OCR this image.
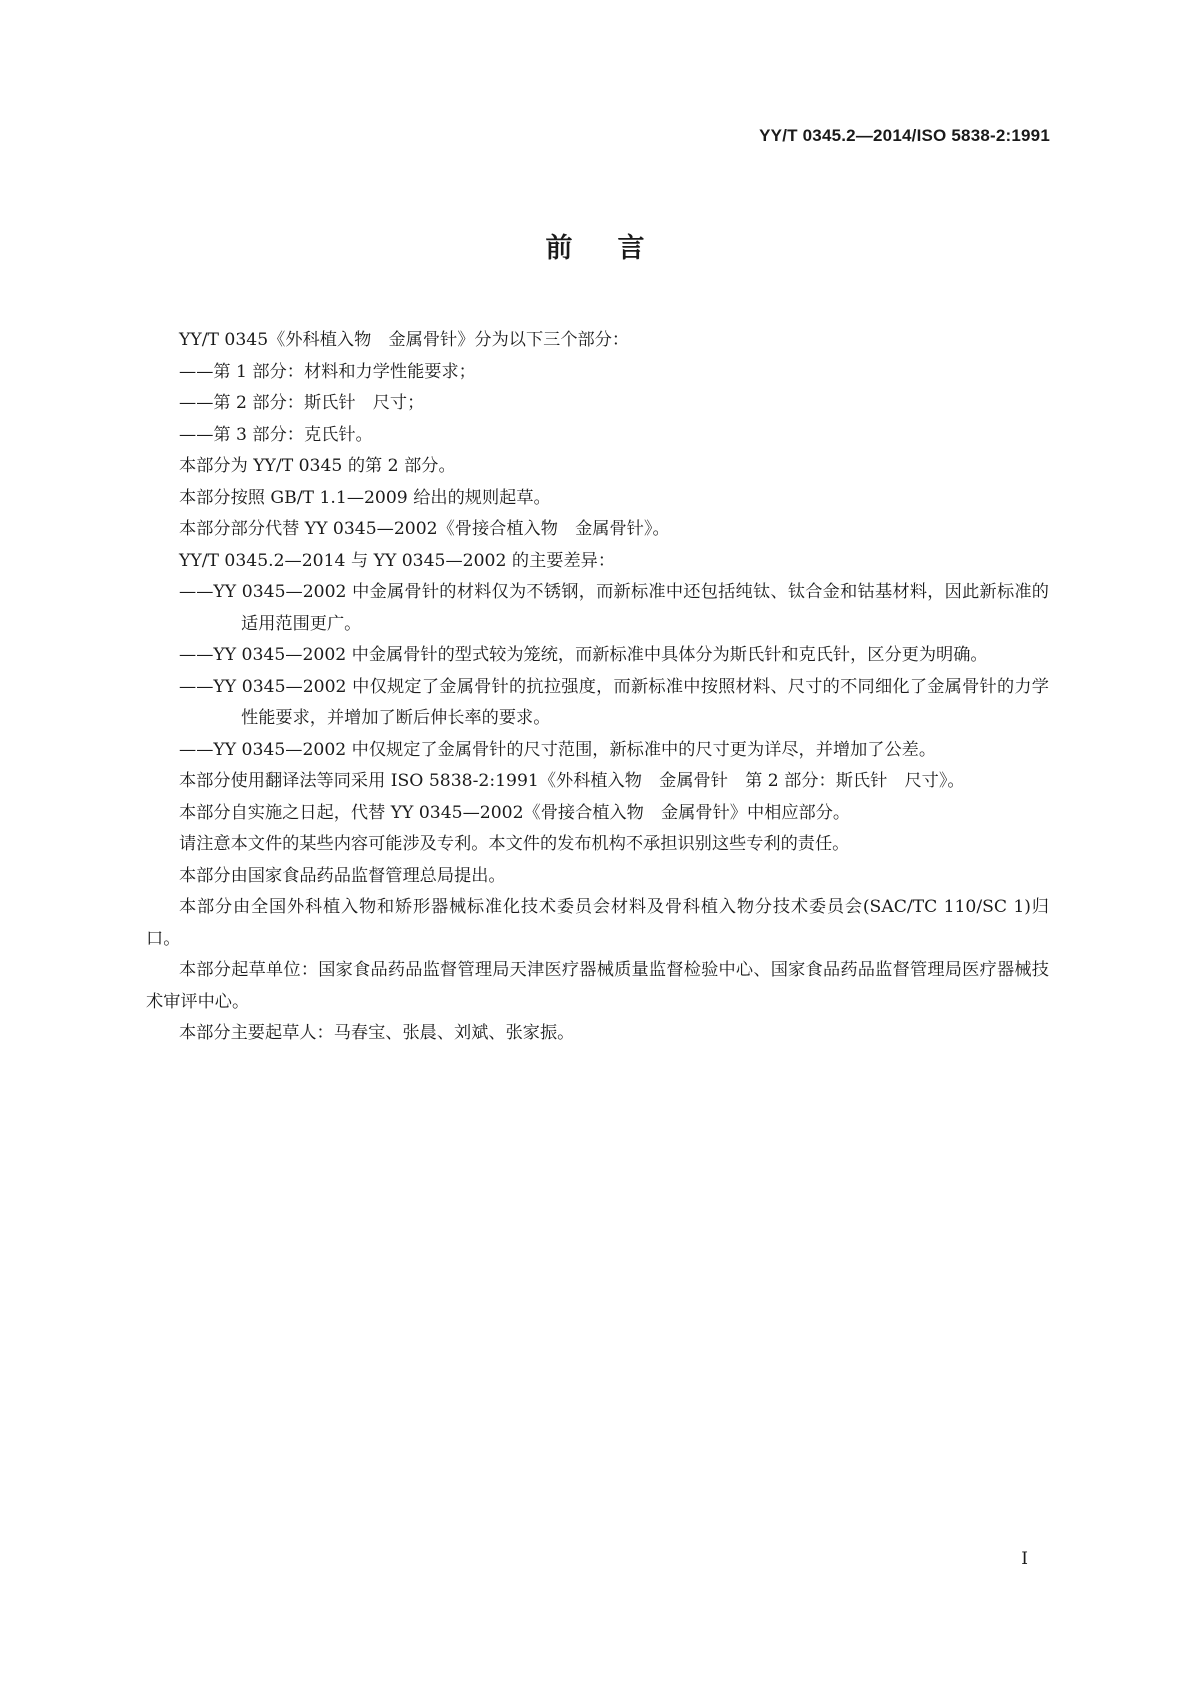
YY/T 0345.2—2014/ISO 5838-2:1991
前 言

YY/T 0345《外科植入物　金属骨针》分为以下三个部分：

——第 1 部分：材料和力学性能要求；

——第 2 部分：斯氏针　尺寸；

——第 3 部分：克氏针。

本部分为 YY/T 0345 的第 2 部分。

本部分按照 GB/T 1.1—2009 给出的规则起草。

本部分部分代替 YY 0345—2002《骨接合植入物　金属骨针》。

YY/T 0345.2—2014 与 YY 0345—2002 的主要差异：

——YY 0345—2002 中金属骨针的材料仅为不锈钢，而新标准中还包括纯钛、钛合金和钴基材料，因此新标准的适用范围更广。

——YY 0345—2002 中金属骨针的型式较为笼统，而新标准中具体分为斯氏针和克氏针，区分更为明确。

——YY 0345—2002 中仅规定了金属骨针的抗拉强度，而新标准中按照材料、尺寸的不同细化了金属骨针的力学性能要求，并增加了断后伸长率的要求。

——YY 0345—2002 中仅规定了金属骨针的尺寸范围，新标准中的尺寸更为详尽，并增加了公差。

本部分使用翻译法等同采用 ISO 5838-2:1991《外科植入物　金属骨针　第 2 部分：斯氏针　尺寸》。

本部分自实施之日起，代替 YY 0345—2002《骨接合植入物　金属骨针》中相应部分。

请注意本文件的某些内容可能涉及专利。本文件的发布机构不承担识别这些专利的责任。

本部分由国家食品药品监督管理总局提出。

本部分由全国外科植入物和矫形器械标准化技术委员会材料及骨科植入物分技术委员会(SAC/TC 110/SC 1)归口。

本部分起草单位：国家食品药品监督管理局天津医疗器械质量监督检验中心、国家食品药品监督管理局医疗器械技术审评中心。

本部分主要起草人：马春宝、张晨、刘斌、张家振。

I
